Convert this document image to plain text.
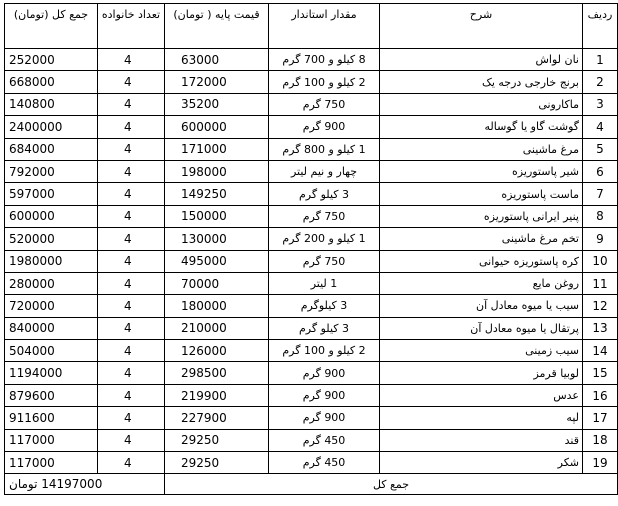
ردیف	شرح	مقدار استاندار	قیمت پایه ( تومان)	تعداد خانواده	جمع کل (تومان)
1	نان لواش	8 کیلو و 700 گرم	63000	4	252000
2	برنج خارجی درجه یک	2 کیلو و 100 گرم	172000	4	668000
3	ماکارونی	750 گرم	35200	4	140800
4	گوشت گاو یا گوساله	900 گرم	600000	4	2400000
5	مرغ ماشینی	1 کیلو و 800 گرم	171000	4	684000
6	شیر پاستوریزه	چهار و نیم لیتر	198000	4	792000
7	ماست پاستوریزه	3 کیلو گرم	149250	4	597000
8	پنیر ایرانی پاستوریزه	750 گرم	150000	4	600000
9	تخم مرغ ماشینی	1 کیلو و 200 گرم	130000	4	520000
10	کره پاستوریزه حیوانی	750 گرم	495000	4	1980000
11	روغن مایع	1 لیتر	70000	4	280000
12	سیب یا میوه معادل آن	3 کیلوگرم	180000	4	720000
13	پرتقال یا میوه معادل آن	3 کیلو گرم	210000	4	840000
14	سیب زمینی	2 کیلو و 100 گرم	126000	4	504000
15	لوبیا قرمز	900 گرم	298500	4	1194000
16	عدس	900 گرم	219900	4	879600
17	لپه	900 گرم	227900	4	911600
18	قند	450 گرم	29250	4	117000
19	شکر	450 گرم	29250	4	117000
جمع کل				14197000 تومان	
